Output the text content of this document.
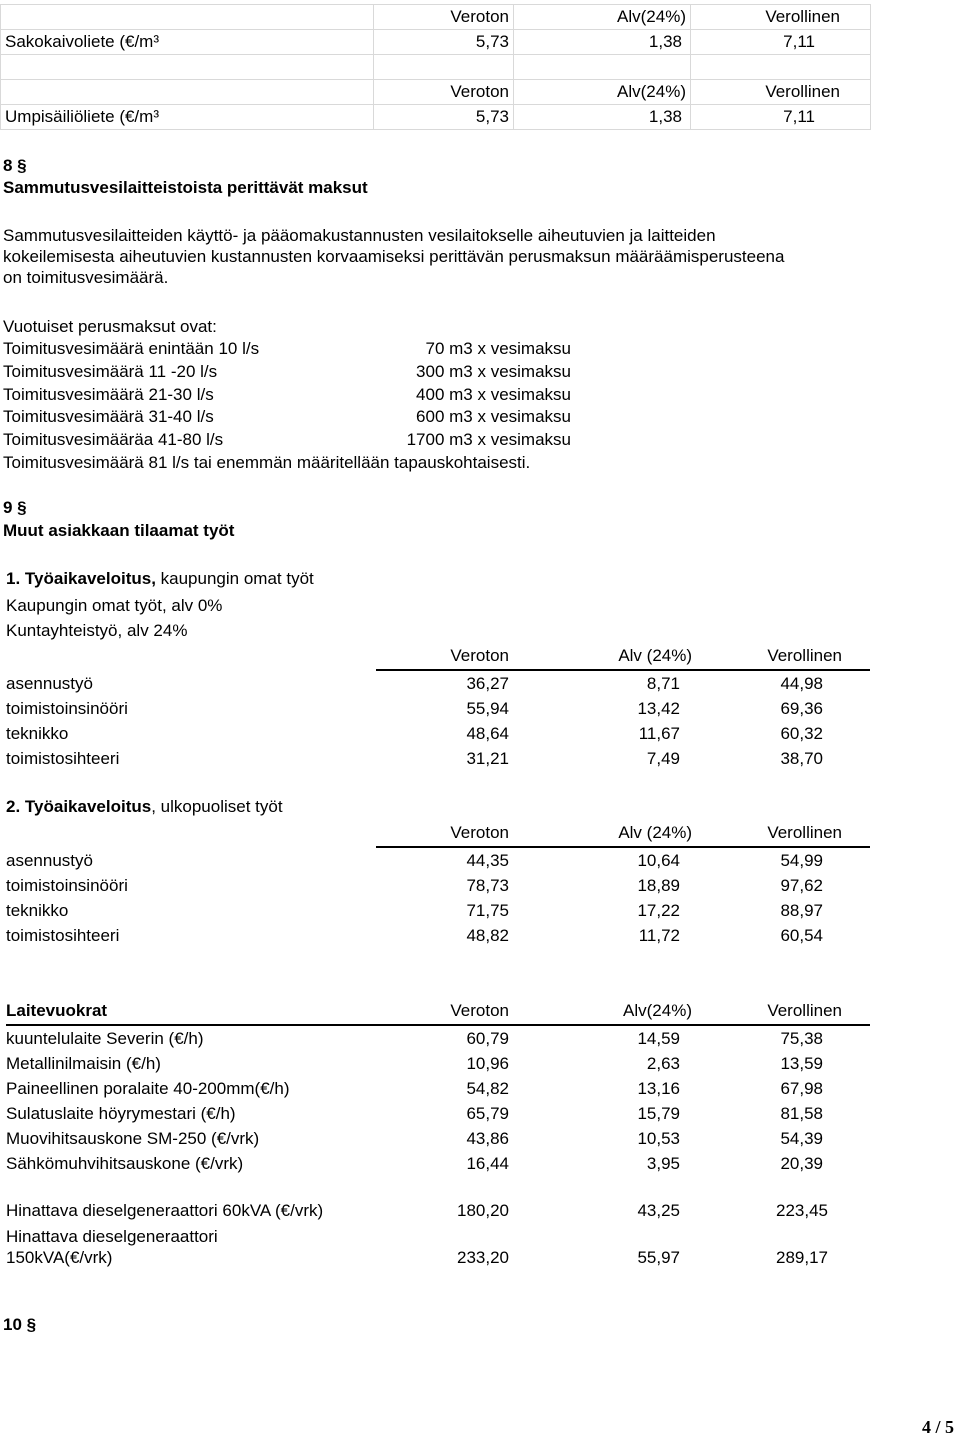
	Veroton	Alv(24%)	Verollinen
Sakokaivoliete (€/m³	5,73	1,38	7,11

	Veroton	Alv(24%)	Verollinen
Umpisäiliöliete (€/m³	5,73	1,38	7,11
8 §
Sammutusvesilaitteistoista perittävät maksut
Sammutusvesilaitteiden käyttö- ja pääomakustannusten vesilaitokselle aiheutuvien ja laitteiden
kokeilemisesta aiheutuvien kustannusten korvaamiseksi perittävän perusmaksun määräämisperusteena
on toimitusvesimäärä.
Vuotuiset perusmaksut ovat:
Toimitusvesimäärä enintään 10 l/s	70 m3 x vesimaksu
Toimitusvesimäärä 11 -20 l/s	300 m3 x vesimaksu
Toimitusvesimäärä 21-30 l/s	400 m3 x vesimaksu
Toimitusvesimäärä 31-40 l/s	600 m3 x vesimaksu
Toimitusvesimääräa 41-80 l/s	1700 m3 x vesimaksu
Toimitusvesimäärä 81 l/s tai enemmän määritellään tapauskohtaisesti.
9 §
Muut asiakkaan tilaamat työt
1. Työaikaveloitus, kaupungin omat työt
Kaupungin omat työt, alv 0%
Kuntayhteistyö, alv 24%
	Veroton	Alv (24%)	Verollinen
asennustyö	36,27	8,71	44,98
toimistoinsinööri	55,94	13,42	69,36
teknikko	48,64	11,67	60,32
toimistosihteeri	31,21	7,49	38,70
2. Työaikaveloitus, ulkopuoliset työt
	Veroton	Alv (24%)	Verollinen
asennustyö	44,35	10,64	54,99
toimistoinsinööri	78,73	18,89	97,62
teknikko	71,75	17,22	88,97
toimistosihteeri	48,82	11,72	60,54
Laitevuokrat	Veroton	Alv(24%)	Verollinen
kuuntelulaite Severin (€/h)	60,79	14,59	75,38
Metallinilmaisin (€/h)	10,96	2,63	13,59
Paineellinen poralaite 40-200mm(€/h)	54,82	13,16	67,98
Sulatuslaite höyrymestari (€/h)	65,79	15,79	81,58
Muovihitsauskone SM-250 (€/vrk)	43,86	10,53	54,39
Sähkömuhvihitsauskone (€/vrk)	16,44	3,95	20,39
Hinattava dieselgeneraattori 60kVA (€/vrk)	180,20	43,25	223,45
Hinattava dieselgeneraattori 150kVA(€/vrk)	233,20	55,97	289,17
10 §
4 / 5
